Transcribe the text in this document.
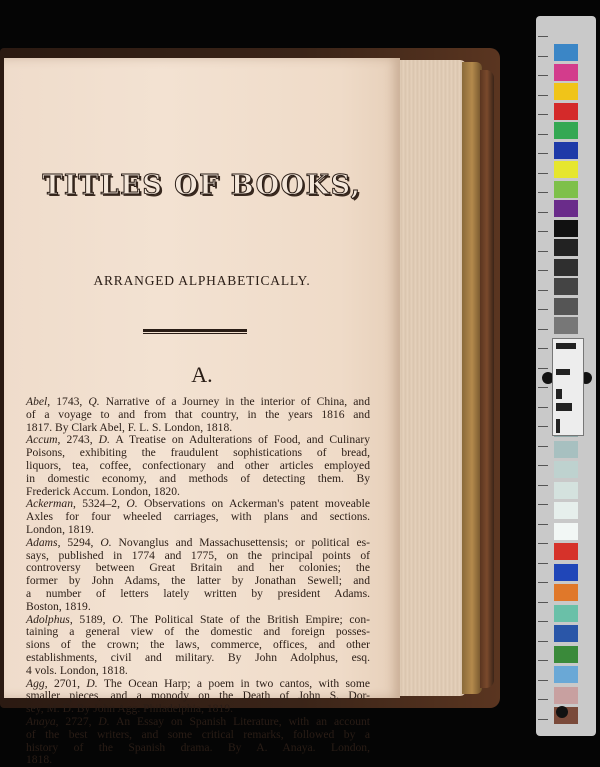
TITLES OF BOOKS,
ARRANGED ALPHABETICALLY.
A.
Abel, 1743, Q. Narrative of a Journey in the interior of China, and
of a voyage to and from that country, in the years 1816 and
1817. By Clark Abel, F. L. S. London, 1818.
Accum, 2743, D. A Treatise on Adulterations of Food, and Culinary
Poisons, exhibiting the fraudulent sophistications of bread,
liquors, tea, coffee, confectionary and other articles employed
in domestic economy, and methods of detecting them. By
Frederick Accum. London, 1820.
Ackerman, 5324–2, O. Observations on Ackerman's patent moveable
Axles for four wheeled carriages, with plans and sections.
London, 1819.
Adams, 5294, O. Novanglus and Massachusettensis; or political es-
says, published in 1774 and 1775, on the principal points of
controversy between Great Britain and her colonies; the
former by John Adams, the latter by Jonathan Sewell; and
a number of letters lately written by president Adams.
Boston, 1819.
Adolphus, 5189, O. The Political State of the British Empire; con-
taining a general view of the domestic and foreign posses-
sions of the crown; the laws, commerce, offices, and other
establishments, civil and military. By John Adolphus, esq.
4 vols. London, 1818.
Agg, 2701, D. The Ocean Harp; a poem in two cantos, with some
smaller pieces, and a monody on the Death of John S. Dor-
sey, M. D. By John Agg. Philadelphia, 1819.
Anaya, 2727, D. An Essay on Spanish Literature, with an account
of the best writers, and some critical remarks, followed by a
history of the Spanish drama. By A. Anaya. London,
1818.
